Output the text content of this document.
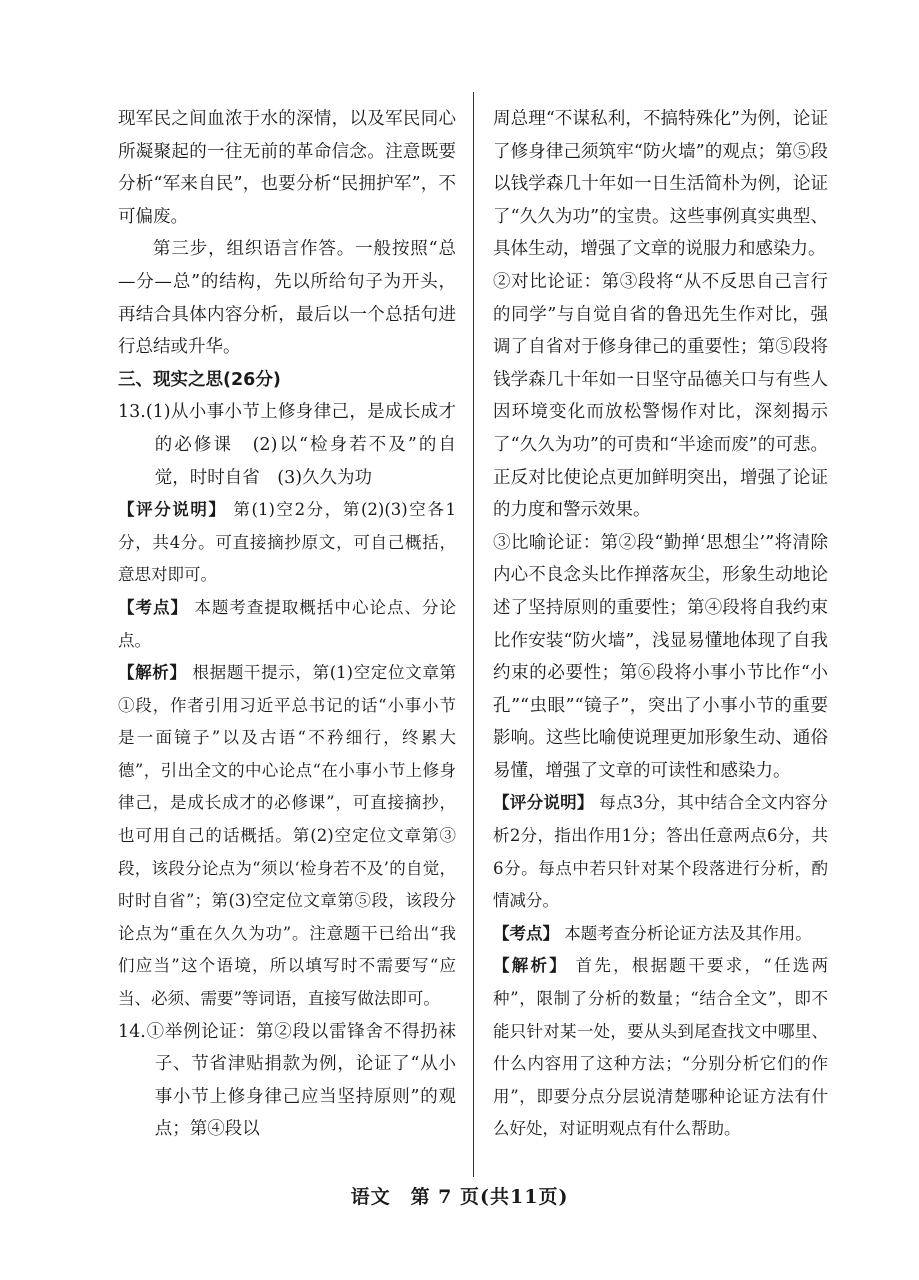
现军民之间血浓于水的深情，以及军民同心所凝聚起的一往无前的革命信念。注意既要分析“军来自民”，也要分析“民拥护军”，不可偏废。

第三步，组织语言作答。一般按照“总—分—总”的结构，先以所给句子为开头，再结合具体内容分析，最后以一个总括句进行总结或升华。

三、现实之思(26分)

13.(1)从小事小节上修身律己，是成长成才的必修课　(2)以“检身若不及”的自觉，时时自省　(3)久久为功

【评分说明】 第(1)空2分，第(2)(3)空各1分，共4分。可直接摘抄原文，可自己概括，意思对即可。

【考点】 本题考查提取概括中心论点、分论点。

【解析】 根据题干提示，第(1)空定位文章第①段，作者引用习近平总书记的话“小事小节是一面镜子”以及古语“不矜细行，终累大德”，引出全文的中心论点“在小事小节上修身律己，是成长成才的必修课”，可直接摘抄，也可用自己的话概括。第(2)空定位文章第③段，该段分论点为“须以‘检身若不及’的自觉，时时自省”；第(3)空定位文章第⑤段，该段分论点为“重在久久为功”。注意题干已给出“我们应当”这个语境，所以填写时不需要写“应当、必须、需要”等词语，直接写做法即可。

14.①举例论证：第②段以雷锋舍不得扔袜子、节省津贴捐款为例，论证了“从小事小节上修身律己应当坚持原则”的观点；第④段以

周总理“不谋私利，不搞特殊化”为例，论证了修身律己须筑牢“防火墙”的观点；第⑤段以钱学森几十年如一日生活简朴为例，论证了“久久为功”的宝贵。这些事例真实典型、具体生动，增强了文章的说服力和感染力。

②对比论证：第③段将“从不反思自己言行的同学”与自觉自省的鲁迅先生作对比，强调了自省对于修身律己的重要性；第⑤段将钱学森几十年如一日坚守品德关口与有些人因环境变化而放松警惕作对比，深刻揭示了“久久为功”的可贵和“半途而废”的可悲。正反对比使论点更加鲜明突出，增强了论证的力度和警示效果。

③比喻论证：第②段“勤掸‘思想尘’”将清除内心不良念头比作掸落灰尘，形象生动地论述了坚持原则的重要性；第④段将自我约束比作安装“防火墙”，浅显易懂地体现了自我约束的必要性；第⑥段将小事小节比作“小孔”“虫眼”“镜子”，突出了小事小节的重要影响。这些比喻使说理更加形象生动、通俗易懂，增强了文章的可读性和感染力。

【评分说明】 每点3分，其中结合全文内容分析2分，指出作用1分；答出任意两点6分，共6分。每点中若只针对某个段落进行分析，酌情减分。

【考点】 本题考查分析论证方法及其作用。

【解析】 首先，根据题干要求，“任选两种”，限制了分析的数量；“结合全文”，即不能只针对某一处，要从头到尾查找文中哪里、什么内容用了这种方法；“分别分析它们的作用”，即要分点分层说清楚哪种论证方法有什么好处，对证明观点有什么帮助。

语文　第 7 页(共11页)
